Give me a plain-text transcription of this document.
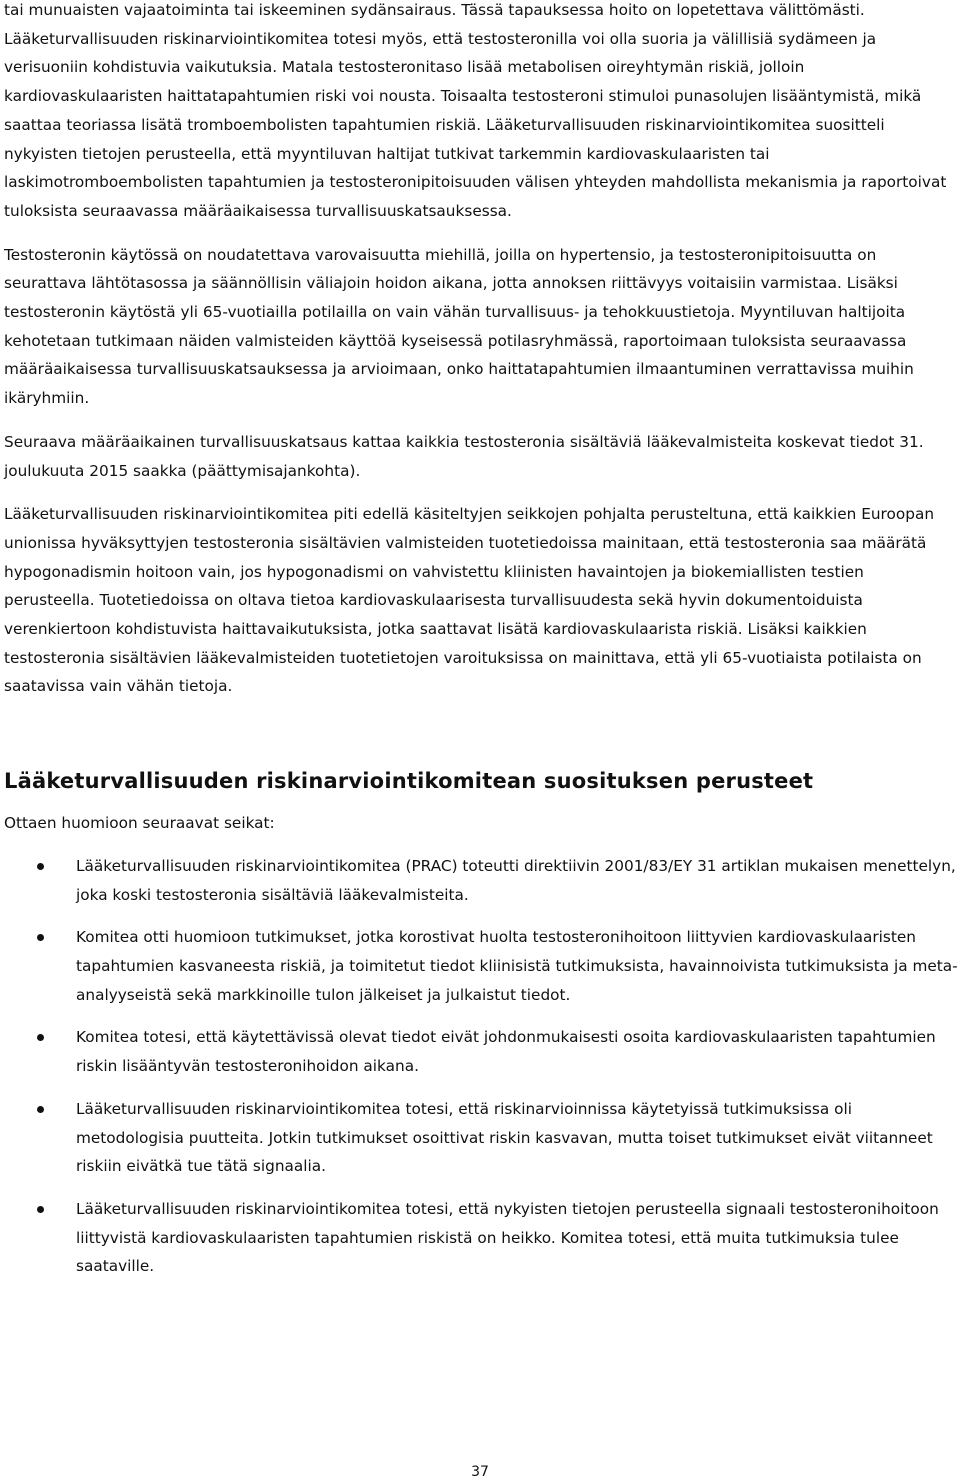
tai munuaisten vajaatoiminta tai iskeeminen sydänsairaus. Tässä tapauksessa hoito on lopetettava välittömästi. Lääketurvallisuuden riskinarviointikomitea totesi myös, että testosteronilla voi olla suoria ja välillisiä sydämeen ja verisuoniin kohdistuvia vaikutuksia. Matala testosteronitaso lisää metabolisen oireyhtymän riskiä, jolloin kardiovaskulaaristen haittatapahtumien riski voi nousta. Toisaalta testosteroni stimuloi punasolujen lisääntymistä, mikä saattaa teoriassa lisätä tromboembolisten tapahtumien riskiä. Lääketurvallisuuden riskinarviointikomitea suositteli nykyisten tietojen perusteella, että myyntiluvan haltijat tutkivat tarkemmin kardiovaskulaaristen tai laskimotromboembolisten tapahtumien ja testosteronipitoisuuden välisen yhteyden mahdollista mekanismia ja raportoivat tuloksista seuraavassa määräaikaisessa turvallisuuskatsauksessa.

Testosteronin käytössä on noudatettava varovaisuutta miehillä, joilla on hypertensio, ja testosteronipitoisuutta on seurattava lähtötasossa ja säännöllisin väliajoin hoidon aikana, jotta annoksen riittävyys voitaisiin varmistaa. Lisäksi testosteronin käytöstä yli 65-vuotiailla potilailla on vain vähän turvallisuus- ja tehokkuustietoja. Myyntiluvan haltijoita kehotetaan tutkimaan näiden valmisteiden käyttöä kyseisessä potilasryhmässä, raportoimaan tuloksista seuraavassa määräaikaisessa turvallisuuskatsauksessa ja arvioimaan, onko haittatapahtumien ilmaantuminen verrattavissa muihin ikäryhmiin.

Seuraava määräaikainen turvallisuuskatsaus kattaa kaikkia testosteronia sisältäviä lääkevalmisteita koskevat tiedot 31. joulukuuta 2015 saakka (päättymisajankohta).

Lääketurvallisuuden riskinarviointikomitea piti edellä käsiteltyjen seikkojen pohjalta perusteltuna, että kaikkien Euroopan unionissa hyväksyttyjen testosteronia sisältävien valmisteiden tuotetiedoissa mainitaan, että testosteronia saa määrätä hypogonadismin hoitoon vain, jos hypogonadismi on vahvistettu kliinisten havaintojen ja biokemiallisten testien perusteella. Tuotetiedoissa on oltava tietoa kardiovaskulaarisesta turvallisuudesta sekä hyvin dokumentoiduista verenkiertoon kohdistuvista haittavaikutuksista, jotka saattavat lisätä kardiovaskulaarista riskiä. Lisäksi kaikkien testosteronia sisältävien lääkevalmisteiden tuotetietojen varoituksissa on mainittava, että yli 65-vuotiaista potilaista on saatavissa vain vähän tietoja.

Lääketurvallisuuden riskinarviointikomitean suosituksen perusteet

Ottaen huomioon seuraavat seikat:

Lääketurvallisuuden riskinarviointikomitea (PRAC) toteutti direktiivin 2001/83/EY 31 artiklan mukaisen menettelyn, joka koski testosteronia sisältäviä lääkevalmisteita.
Komitea otti huomioon tutkimukset, jotka korostivat huolta testosteronihoitoon liittyvien kardiovaskulaaristen tapahtumien kasvaneesta riskiä, ja toimitetut tiedot kliinisistä tutkimuksista, havainnoivista tutkimuksista ja meta-analyyseistä sekä markkinoille tulon jälkeiset ja julkaistut tiedot.
Komitea totesi, että käytettävissä olevat tiedot eivät johdonmukaisesti osoita kardiovaskulaaristen tapahtumien riskin lisääntyvän testosteronihoidon aikana.
Lääketurvallisuuden riskinarviointikomitea totesi, että riskinarvioinnissa käytetyissä tutkimuksissa oli metodologisia puutteita. Jotkin tutkimukset osoittivat riskin kasvavan, mutta toiset tutkimukset eivät viitanneet riskiin eivätkä tue tätä signaalia.
Lääketurvallisuuden riskinarviointikomitea totesi, että nykyisten tietojen perusteella signaali testosteronihoitoon liittyvistä kardiovaskulaaristen tapahtumien riskistä on heikko. Komitea totesi, että muita tutkimuksia tulee saataville.
37
